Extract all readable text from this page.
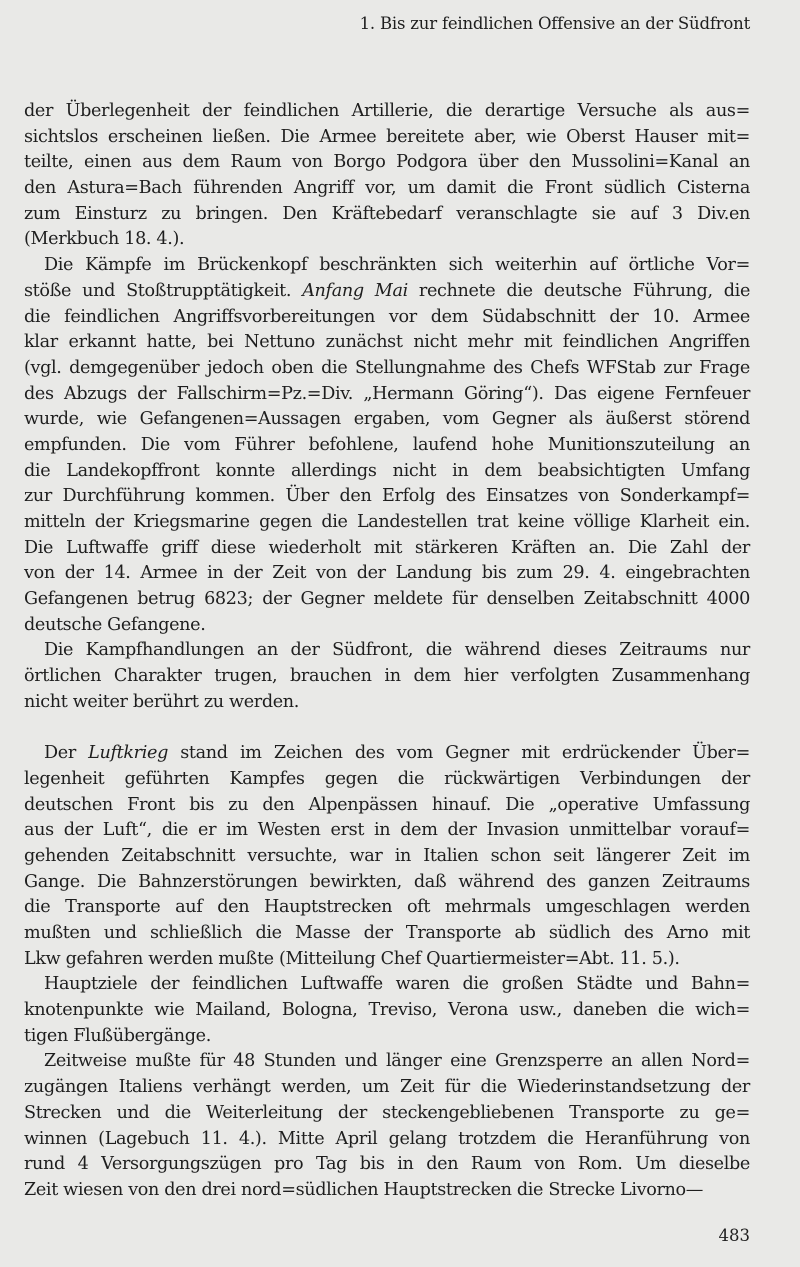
1. Bis zur feindlichen Offensive an der Südfront
der Überlegenheit der feindlichen Artillerie, die derartige Versuche als aus=
sichtslos erscheinen ließen. Die Armee bereitete aber, wie Oberst Hauser mit=
teilte, einen aus dem Raum von Borgo Podgora über den Mussolini=Kanal an
den Astura=Bach führenden Angriff vor, um damit die Front südlich Cisterna
zum Einsturz zu bringen. Den Kräftebedarf veranschlagte sie auf 3 Div.en
(Merkbuch 18. 4.).
Die Kämpfe im Brückenkopf beschränkten sich weiterhin auf örtliche Vor=
stöße und Stoßtrupptätigkeit. Anfang Mai rechnete die deutsche Führung, die
die feindlichen Angriffsvorbereitungen vor dem Südabschnitt der 10. Armee
klar erkannt hatte, bei Nettuno zunächst nicht mehr mit feindlichen Angriffen
(vgl. demgegenüber jedoch oben die Stellungnahme des Chefs WFStab zur Frage
des Abzugs der Fallschirm=Pz.=Div. „Hermann Göring“). Das eigene Fernfeuer
wurde, wie Gefangenen=Aussagen ergaben, vom Gegner als äußerst störend
empfunden. Die vom Führer befohlene, laufend hohe Munitionszuteilung an
die Landekopffront konnte allerdings nicht in dem beabsichtigten Umfang
zur Durchführung kommen. Über den Erfolg des Einsatzes von Sonderkampf=
mitteln der Kriegsmarine gegen die Landestellen trat keine völlige Klarheit ein.
Die Luftwaffe griff diese wiederholt mit stärkeren Kräften an. Die Zahl der
von der 14. Armee in der Zeit von der Landung bis zum 29. 4. eingebrachten
Gefangenen betrug 6823; der Gegner meldete für denselben Zeitabschnitt 4000
deutsche Gefangene.
Die Kampfhandlungen an der Südfront, die während dieses Zeitraums nur
örtlichen Charakter trugen, brauchen in dem hier verfolgten Zusammenhang
nicht weiter berührt zu werden.
Der Luftkrieg stand im Zeichen des vom Gegner mit erdrückender Über=
legenheit geführten Kampfes gegen die rückwärtigen Verbindungen der
deutschen Front bis zu den Alpenpässen hinauf. Die „operative Umfassung
aus der Luft“, die er im Westen erst in dem der Invasion unmittelbar vorauf=
gehenden Zeitabschnitt versuchte, war in Italien schon seit längerer Zeit im
Gange. Die Bahnzerstörungen bewirkten, daß während des ganzen Zeitraums
die Transporte auf den Hauptstrecken oft mehrmals umgeschlagen werden
mußten und schließlich die Masse der Transporte ab südlich des Arno mit
Lkw gefahren werden mußte (Mitteilung Chef Quartiermeister=Abt. 11. 5.).
Hauptziele der feindlichen Luftwaffe waren die großen Städte und Bahn=
knotenpunkte wie Mailand, Bologna, Treviso, Verona usw., daneben die wich=
tigen Flußübergänge.
Zeitweise mußte für 48 Stunden und länger eine Grenzsperre an allen Nord=
zugängen Italiens verhängt werden, um Zeit für die Wiederinstandsetzung der
Strecken und die Weiterleitung der steckengebliebenen Transporte zu ge=
winnen (Lagebuch 11. 4.). Mitte April gelang trotzdem die Heranführung von
rund 4 Versorgungszügen pro Tag bis in den Raum von Rom. Um dieselbe
Zeit wiesen von den drei nord=südlichen Hauptstrecken die Strecke Livorno—
483
